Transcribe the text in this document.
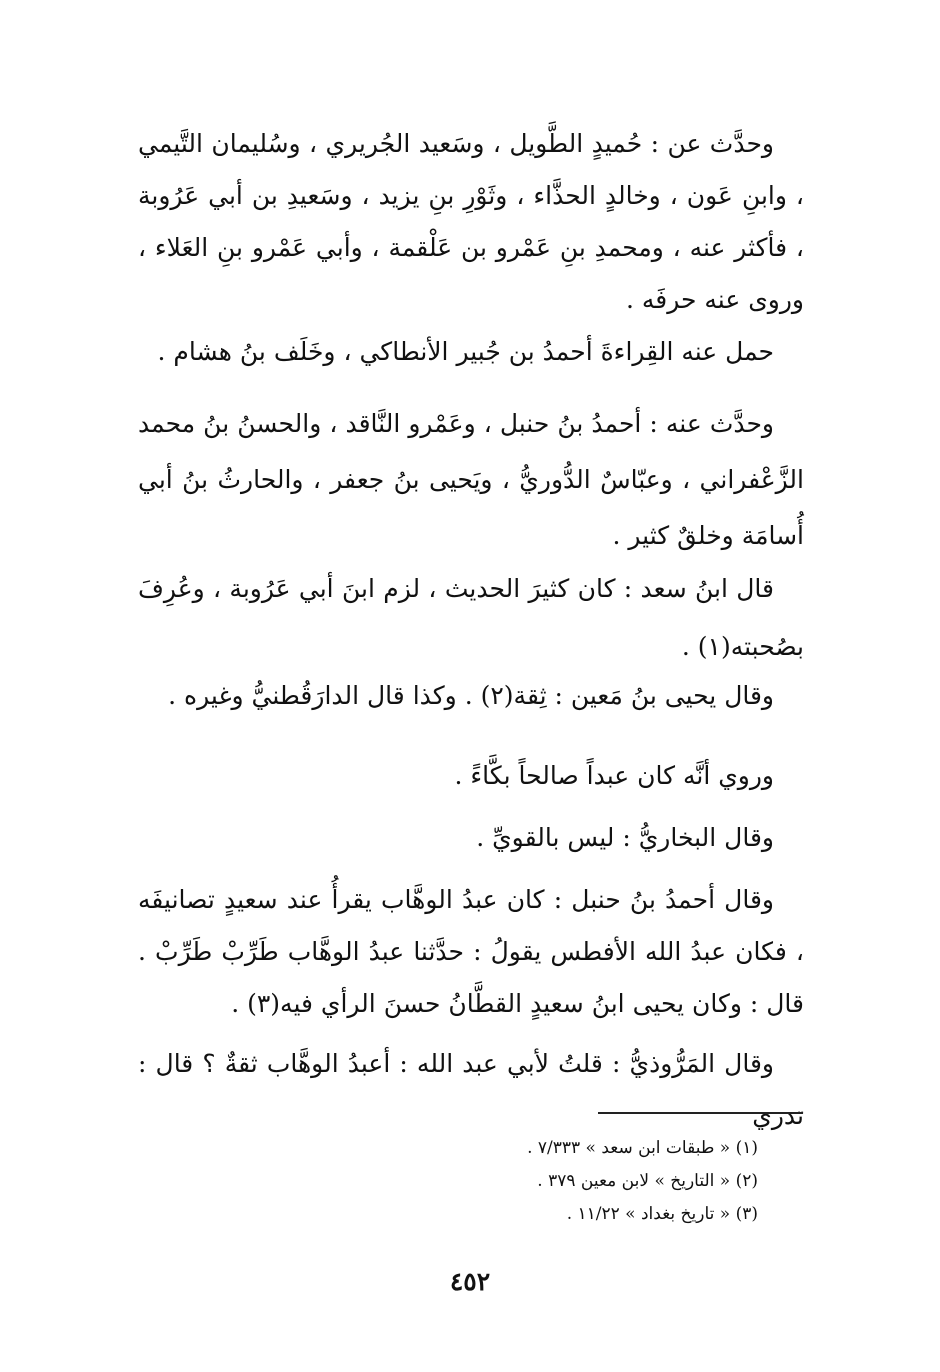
وحدَّث عن : حُميدٍ الطَّويل ، وسَعيد الجُريري ، وسُليمان التَّيمي ، وابنِ عَون ، وخالدٍ الحذَّاء ، وثَوْرِ بنِ يزيد ، وسَعيدِ بن أبي عَرُوبة ، فأكثر عنه ، ومحمدِ بنِ عَمْرو بن عَلْقمة ، وأبي عَمْرو بنِ العَلاء ، وروى عنه حرفَه .

حمل عنه القِراءةَ أحمدُ بن جُبير الأنطاكي ، وخَلَف بنُ هشام .

وحدَّث عنه : أحمدُ بنُ حنبل ، وعَمْرو النَّاقد ، والحسنُ بنُ محمد الزَّعْفراني ، وعبّاسٌ الدُّوريُّ ، ويَحيى بنُ جعفر ، والحارثُ بنُ أبي أُسامَة وخلقٌ كثير .

قال ابنُ سعد : كان كثيرَ الحديث ، لزم ابنَ أبي عَرُوبة ، وعُرِفَ بصُحبته(١) .

وقال يحيى بنُ مَعين : ثِقة(٢) . وكذا قال الدارَقُطنيُّ وغيره .

وروي أنَّه كان عبداً صالحاً بكَّاءً .

وقال البخاريُّ : ليس بالقويِّ .

وقال أحمدُ بنُ حنبل : كان عبدُ الوهَّاب يقرأُ عند سعيدٍ تصانيفَه ، فكان عبدُ الله الأفطس يقولُ : حدَّثنا عبدُ الوهَّاب طَرِّبْ طَرِّبْ . قال : وكان يحيى ابنُ سعيدٍ القطَّانُ حسنَ الرأي فيه(٣) .

وقال المَرُّوذيُّ : قلتُ لأبي عبد الله : أعبدُ الوهَّاب ثقةٌ ؟ قال : تدري

(١) « طبقات ابن سعد » ٧/٣٣٣ .
(٢) « التاريخ » لابن معين ٣٧٩ .
(٣) « تاريخ بغداد » ١١/٢٢ .
٤٥٢
